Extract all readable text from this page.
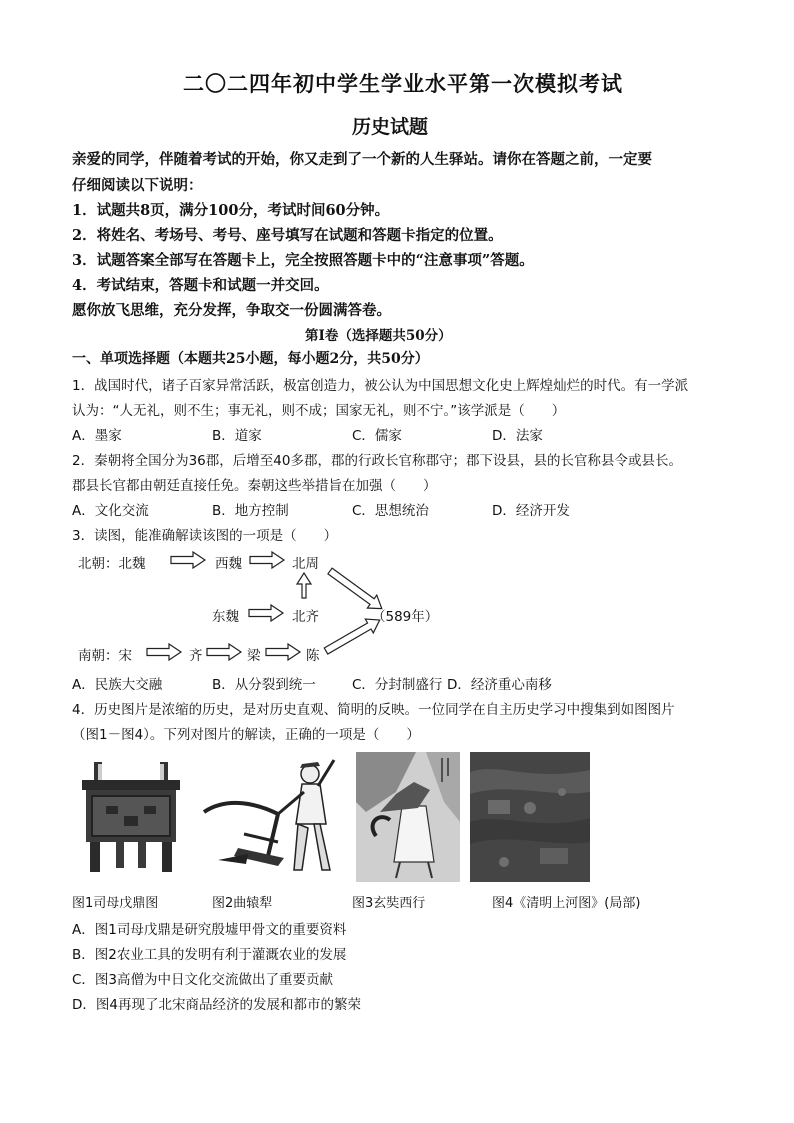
二〇二四年初中学生学业水平第一次模拟考试
历史试题
亲爱的同学，伴随着考试的开始，你又走到了一个新的人生驿站。请你在答题之前，一定要
仔细阅读以下说明：
1．试题共8页，满分100分，考试时间60分钟。
2．将姓名、考场号、考号、座号填写在试题和答题卡指定的位置。
3．试题答案全部写在答题卡上，完全按照答题卡中的“注意事项”答题。
4．考试结束，答题卡和试题一并交回。
愿你放飞思维，充分发挥，争取交一份圆满答卷。
第Ⅰ卷（选择题共50分）
一、单项选择题（本题共25小题，每小题2分，共50分）
1．战国时代，诸子百家异常活跃，极富创造力，被公认为中国思想文化史上辉煌灿烂的时代。有一学派
认为：“人无礼，则不生；事无礼，则不成；国家无礼，则不宁。”该学派是（　　）
A．墨家	B．道家	C．儒家	D．法家
2．秦朝将全国分为36郡，后增至40多郡，郡的行政长官称郡守；郡下设县，县的长官称县令或县长。
郡县长官都由朝廷直接任免。秦朝这些举措旨在加强（　　）
A．文化交流	B．地方控制	C．思想统治	D．经济开发
3．读图，能准确解读该图的一项是（　　）
北朝：北魏	西魏	北周
东魏	北齐	（589年）
南朝：宋	齐	梁	陈
A．民族大交融	B．从分裂到统一	C．分封制盛行 D．经济重心南移
4．历史图片是浓缩的历史，是对历史直观、简明的反映。一位同学在自主历史学习中搜集到如图图片
（图1－图4）。下列对图片的解读，正确的一项是（　　）
图1司母戊鼎图	图2曲辕犁	图3玄奘西行	图4《清明上河图》(局部)
A．图1司母戊鼎是研究殷墟甲骨文的重要资料
B．图2农业工具的发明有利于灌溉农业的发展
C．图3高僧为中日文化交流做出了重要贡献
D．图4再现了北宋商品经济的发展和都市的繁荣
